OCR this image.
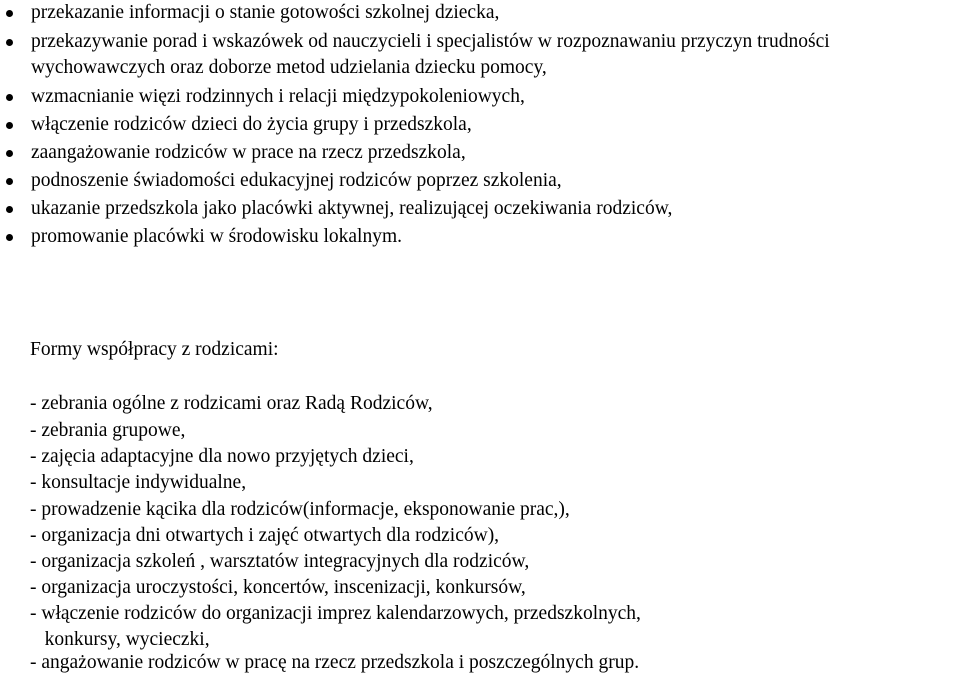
przekazanie informacji o stanie gotowości szkolnej dziecka,
przekazywanie porad i wskazówek od nauczycieli i specjalistów w rozpoznawaniu przyczyn trudności
wychowawczych oraz doborze metod udzielania dziecku pomocy,
wzmacnianie więzi rodzinnych i relacji międzypokoleniowych,
włączenie rodziców dzieci do życia grupy i przedszkola,
zaangażowanie rodziców w prace na rzecz przedszkola,
podnoszenie świadomości edukacyjnej rodziców poprzez szkolenia,
ukazanie przedszkola jako placówki aktywnej, realizującej oczekiwania rodziców,
promowanie placówki w środowisku lokalnym.
Formy współpracy z rodzicami:
- zebrania ogólne z rodzicami oraz Radą Rodziców,
- zebrania grupowe,
- zajęcia adaptacyjne dla nowo przyjętych dzieci,
- konsultacje indywidualne,
- prowadzenie kącika dla rodziców(informacje, eksponowanie prac,),
- organizacja dni otwartych i zajęć otwartych dla rodziców),
- organizacja szkoleń , warsztatów integracyjnych dla rodziców,
- organizacja uroczystości, koncertów, inscenizacji, konkursów,
- włączenie rodziców do organizacji imprez kalendarzowych, przedszkolnych,
konkursy, wycieczki,
- angażowanie rodziców w pracę na rzecz przedszkola i poszczególnych grup.
